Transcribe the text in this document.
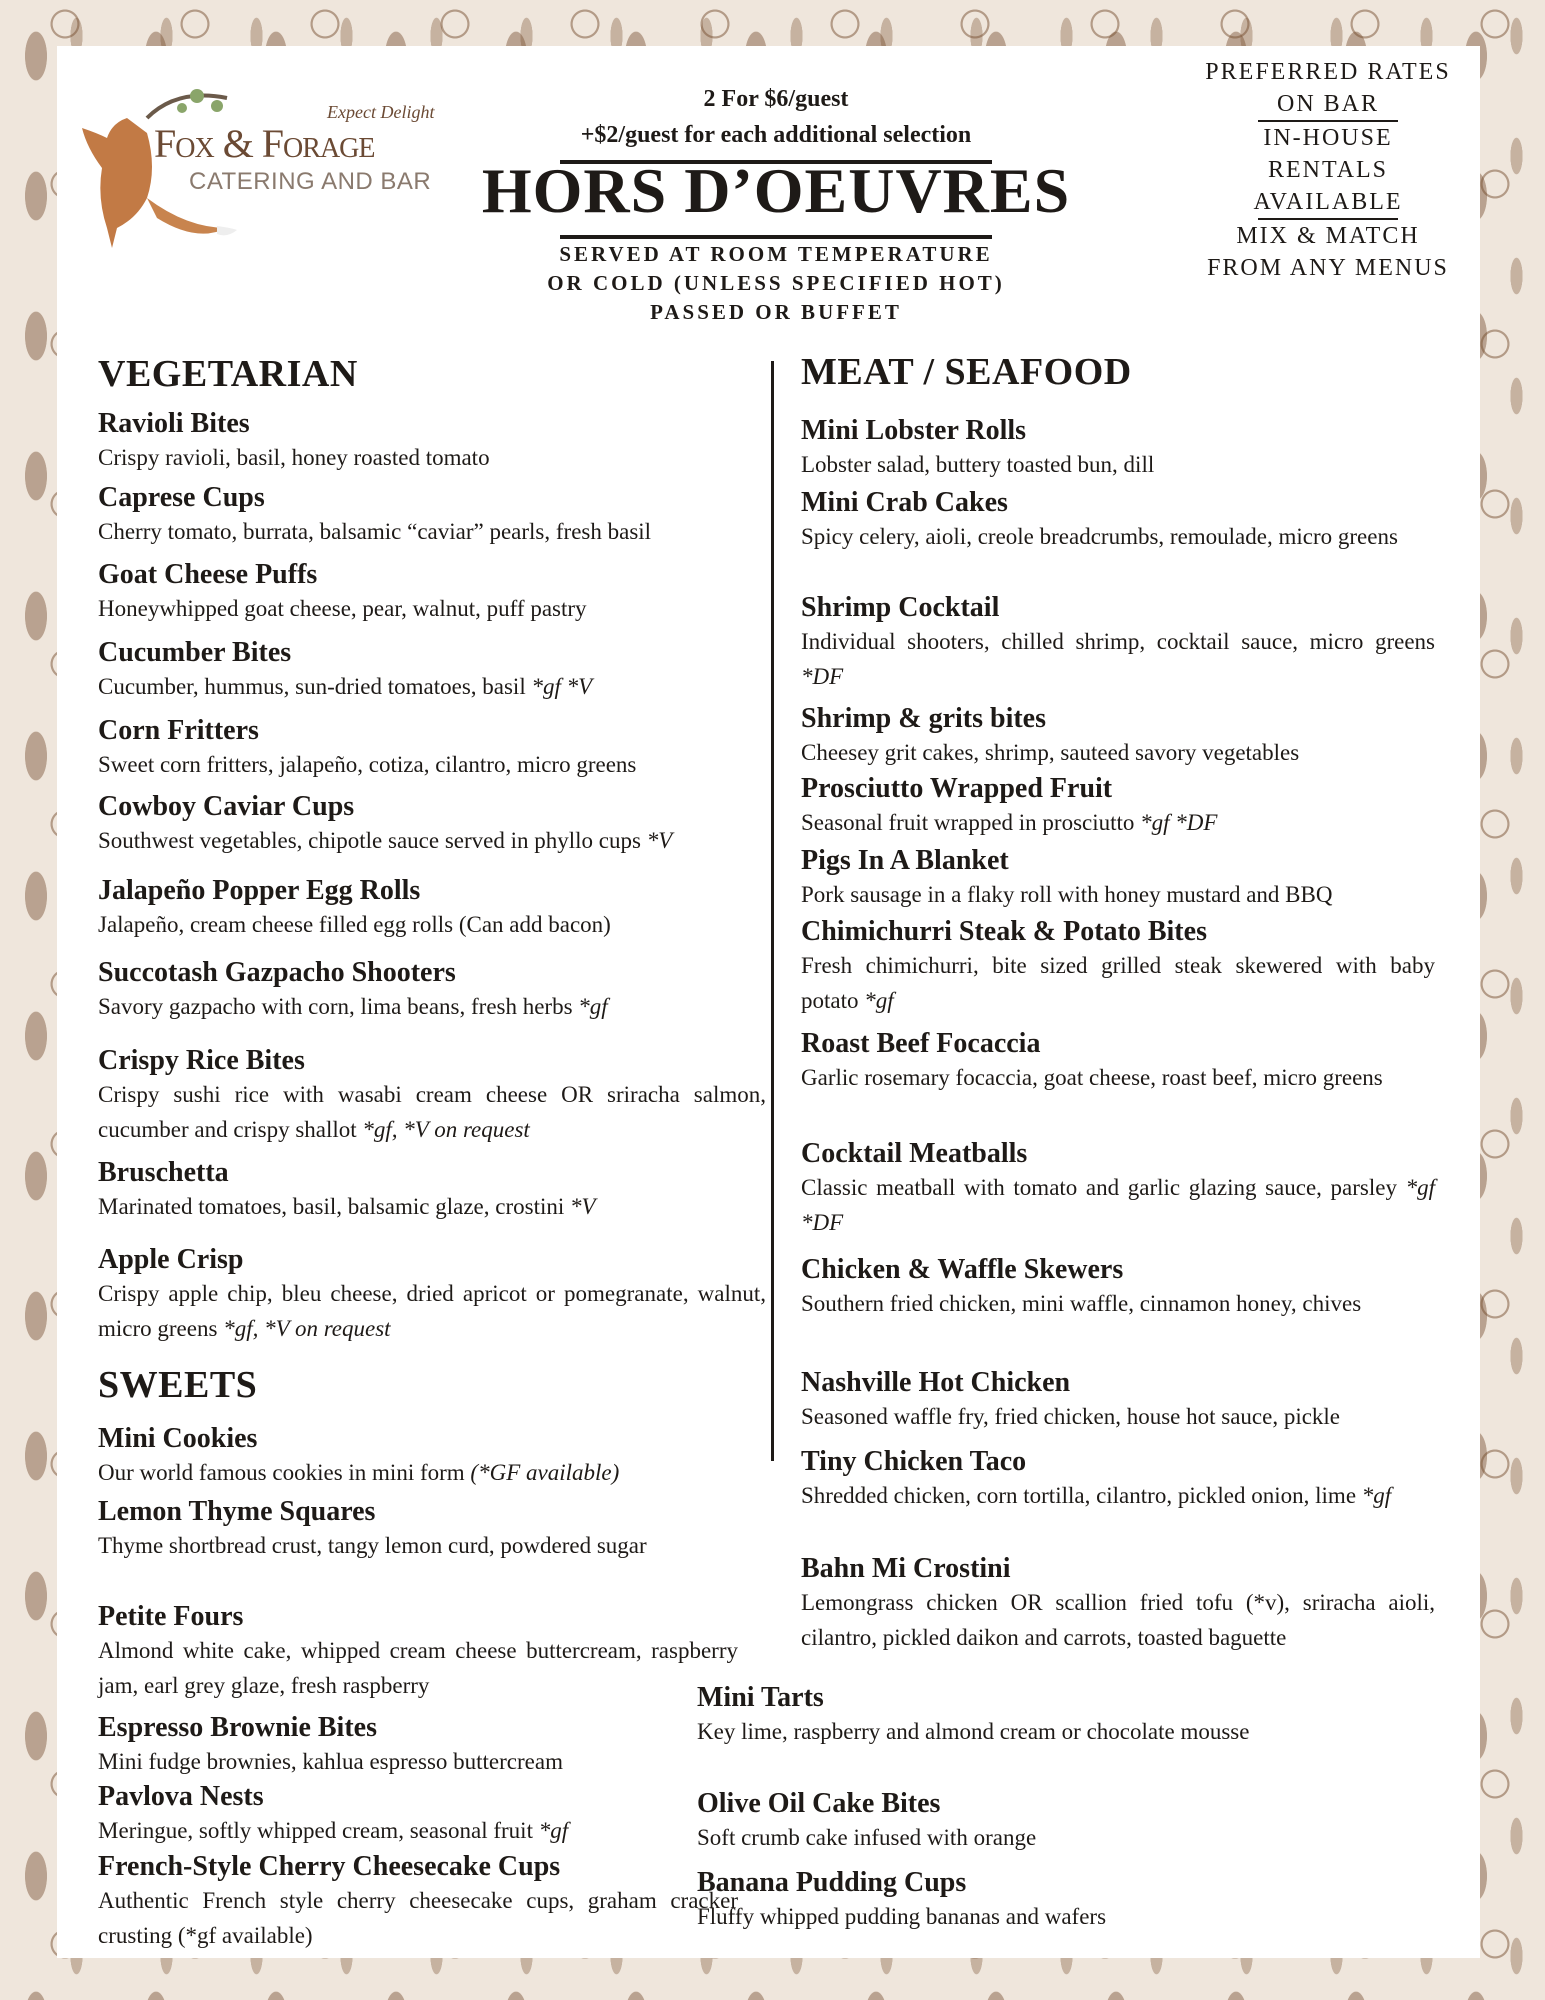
Expect Delight
Fox & Forage
CATERING AND BAR
2 For $6/guest
+$2/guest for each additional selection
HORS D’OEUVRES
SERVED AT ROOM TEMPERATURE
OR COLD (UNLESS SPECIFIED HOT)
PASSED OR BUFFET
PREFERRED RATES
ON BAR
IN-HOUSE
RENTALS
AVAILABLE
MIX & MATCH
FROM ANY MENUS
VEGETARIAN	MEAT / SEAFOOD
SWEETS
Ravioli Bites
Crispy ravioli, basil, honey roasted tomato
Caprese Cups
Cherry tomato, burrata, balsamic “caviar” pearls, fresh basil
Goat Cheese Puffs
Honeywhipped goat cheese, pear, walnut, puff pastry
Cucumber Bites
Cucumber, hummus, sun-dried tomatoes, basil *gf *V
Corn Fritters
Sweet corn fritters, jalapeño, cotiza, cilantro, micro greens
Cowboy Caviar Cups
Southwest vegetables, chipotle sauce served in phyllo cups *V
Jalapeño Popper Egg Rolls
Jalapeño, cream cheese filled egg rolls (Can add bacon)
Succotash Gazpacho Shooters
Savory gazpacho with corn, lima beans, fresh herbs *gf
Crispy Rice Bites
Crispy sushi rice with wasabi cream cheese OR sriracha salmon, cucumber and crispy shallot *gf, *V on request
Bruschetta
Marinated tomatoes, basil, balsamic glaze, crostini *V
Apple Crisp
Crispy apple chip, bleu cheese, dried apricot or pomegranate, walnut, micro greens *gf, *V on request
Mini Lobster Rolls
Lobster salad, buttery toasted bun, dill
Mini Crab Cakes
Spicy celery, aioli, creole breadcrumbs, remoulade, micro greens
Shrimp Cocktail
Individual shooters, chilled shrimp, cocktail sauce, micro greens *DF
Shrimp & grits bites
Cheesey grit cakes, shrimp, sauteed savory vegetables
Prosciutto Wrapped Fruit
Seasonal fruit wrapped in prosciutto *gf *DF
Pigs In A Blanket
Pork sausage in a flaky roll with honey mustard and BBQ
Chimichurri Steak & Potato Bites
Fresh chimichurri, bite sized grilled steak skewered with baby potato *gf
Roast Beef Focaccia
Garlic rosemary focaccia, goat cheese, roast beef, micro greens
Cocktail Meatballs
Classic meatball with tomato and garlic glazing sauce, parsley *gf *DF
Chicken & Waffle Skewers
Southern fried chicken, mini waffle, cinnamon honey, chives
Nashville Hot Chicken
Seasoned waffle fry, fried chicken, house hot sauce, pickle
Tiny Chicken Taco
Shredded chicken, corn tortilla, cilantro, pickled onion, lime *gf
Bahn Mi Crostini
Lemongrass chicken OR scallion fried tofu (*v), sriracha aioli, cilantro, pickled daikon and carrots, toasted baguette
Mini Cookies
Our world famous cookies in mini form (*GF available)
Lemon Thyme Squares
Thyme shortbread crust, tangy lemon curd, powdered sugar
Petite Fours
Almond white cake, whipped cream cheese buttercream, raspberry jam, earl grey glaze, fresh raspberry
Espresso Brownie Bites
Mini fudge brownies, kahlua espresso buttercream
Pavlova Nests
Meringue, softly whipped cream, seasonal fruit *gf
French-Style Cherry Cheesecake Cups
Authentic French style cherry cheesecake cups, graham cracker crusting (*gf available)
Mini Tarts
Key lime, raspberry and almond cream or chocolate mousse
Olive Oil Cake Bites
Soft crumb cake infused with orange
Banana Pudding Cups
Fluffy whipped pudding bananas and wafers
